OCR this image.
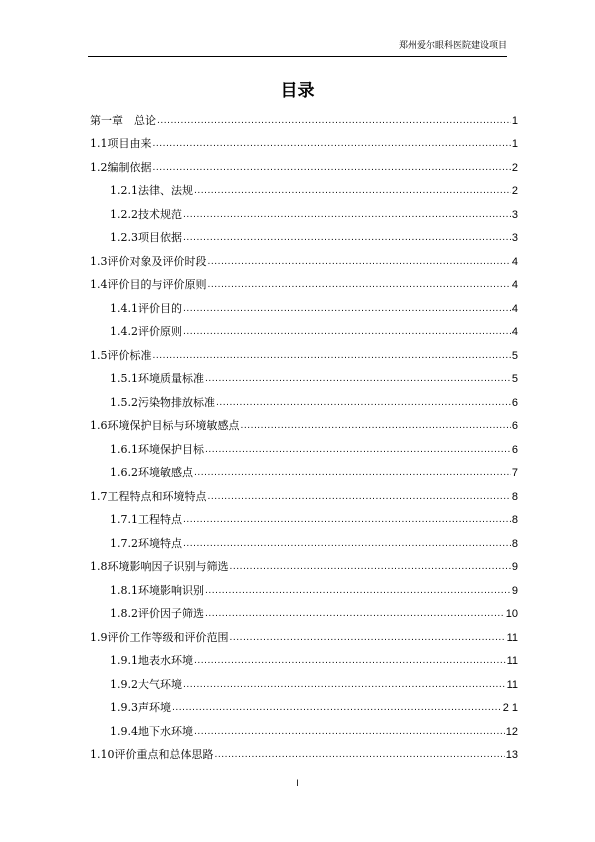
郑州爱尔眼科医院建设项目
目录
第一章　总论 .....	1
1.1项目由来 .....	1
1.2编制依据 .....	2
1.2.1法律、法规 .....	2
1.2.2技术规范 .....	3
1.2.3项目依据 .....	3
1.3评价对象及评价时段 .....	4
1.4评价目的与评价原则 .....	4
1.4.1评价目的 .....	4
1.4.2评价原则 .....	4
1.5评价标准 .....	5
1.5.1环境质量标准 .....	5
1.5.2污染物排放标准 .....	6
1.6环境保护目标与环境敏感点 .....	6
1.6.1环境保护目标 .....	6
1.6.2环境敏感点 .....	7
1.7工程特点和环境特点 .....	8
1.7.1工程特点 .....	8
1.7.2环境特点 .....	8
1.8环境影响因子识别与筛选 .....	9
1.8.1环境影响识别 .....	9
1.8.2评价因子筛选 .....	10
1.9评价工作等级和评价范围 .....	11
1.9.1地表水环境 .....	11
1.9.2大气环境 .....	11
1.9.3声环境 .....	2 1
1.9.4地下水环境 .....	12
1.10评价重点和总体思路 .....	13
I
